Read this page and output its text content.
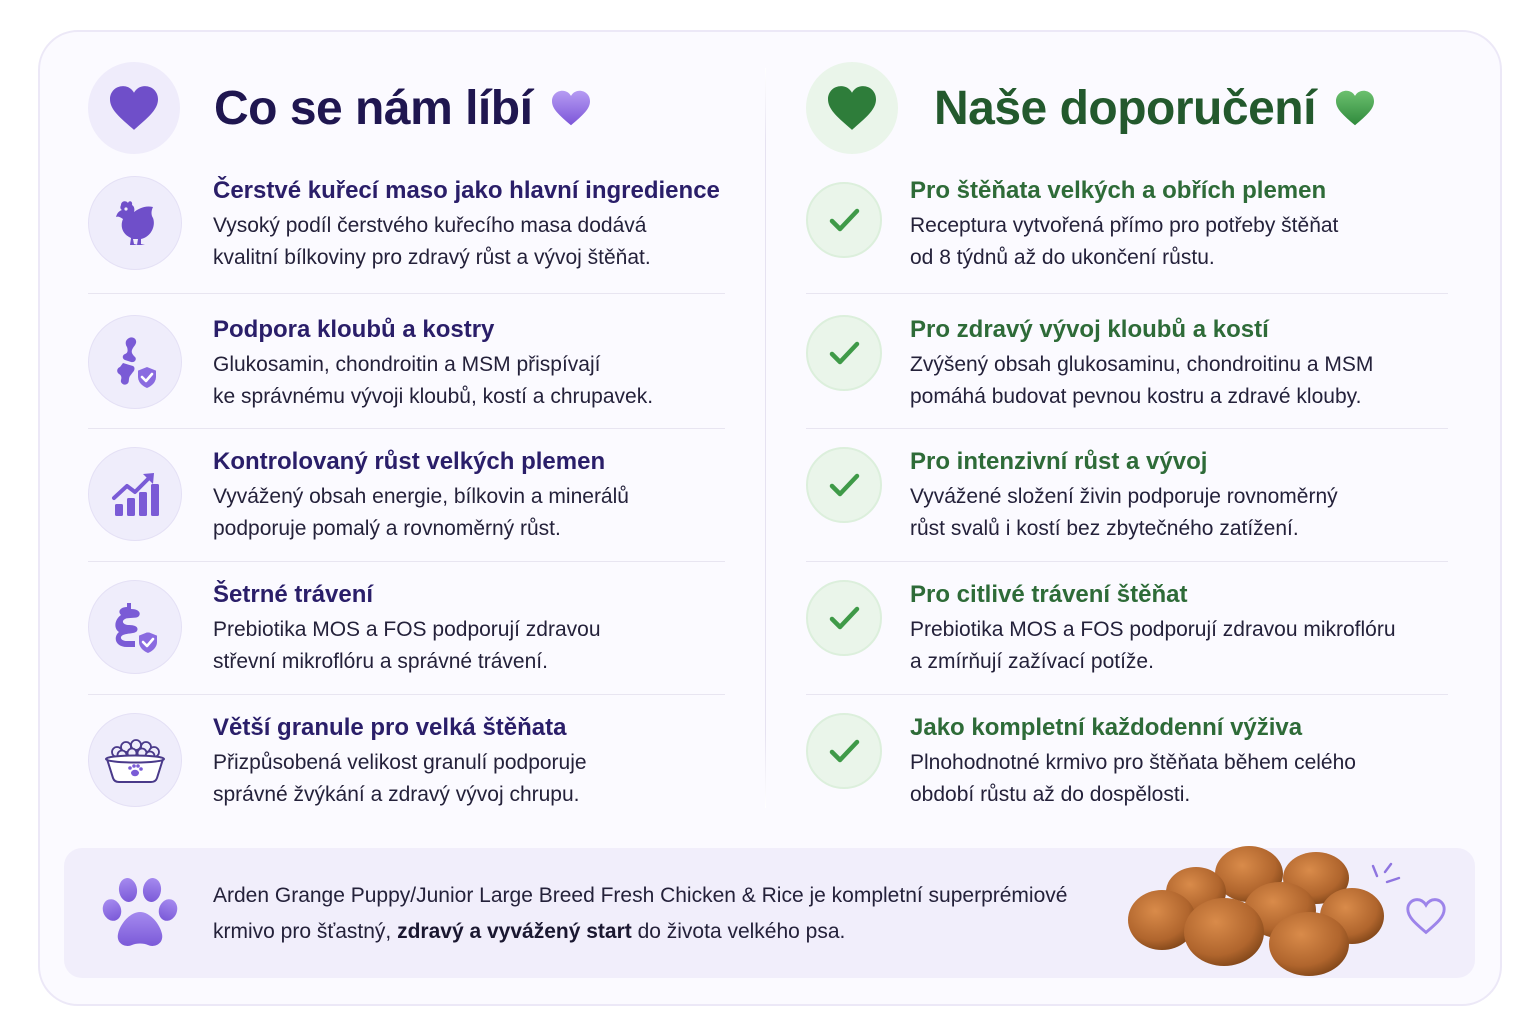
Co se nám líbí	Naše doporučení
Čerstvé kuřecí maso jako hlavní ingredience
Vysoký podíl čerstvého kuřecího masa dodává
kvalitní bílkoviny pro zdravý růst a vývoj štěňat.
Podpora kloubů a kostry
Glukosamin, chondroitin a MSM přispívají
ke správnému vývoji kloubů, kostí a chrupavek.
Kontrolovaný růst velkých plemen
Vyvážený obsah energie, bílkovin a minerálů
podporuje pomalý a rovnoměrný růst.
Šetrné trávení
Prebiotika MOS a FOS podporují zdravou
střevní mikroflóru a správné trávení.
Větší granule pro velká štěňata
Přizpůsobená velikost granulí podporuje
správné žvýkání a zdravý vývoj chrupu.
Pro štěňata velkých a obřích plemen
Receptura vytvořená přímo pro potřeby štěňat
od 8 týdnů až do ukončení růstu.
Pro zdravý vývoj kloubů a kostí
Zvýšený obsah glukosaminu, chondroitinu a MSM
pomáhá budovat pevnou kostru a zdravé klouby.
Pro intenzivní růst a vývoj
Vyvážené složení živin podporuje rovnoměrný
růst svalů i kostí bez zbytečného zatížení.
Pro citlivé trávení štěňat
Prebiotika MOS a FOS podporují zdravou mikroflóru
a zmírňují zažívací potíže.
Jako kompletní každodenní výživa
Plnohodnotné krmivo pro štěňata během celého
období růstu až do dospělosti.
Arden Grange Puppy/Junior Large Breed Fresh Chicken & Rice je kompletní superprémiové krmivo pro šťastný, zdravý a vyvážený start do života velkého psa.
